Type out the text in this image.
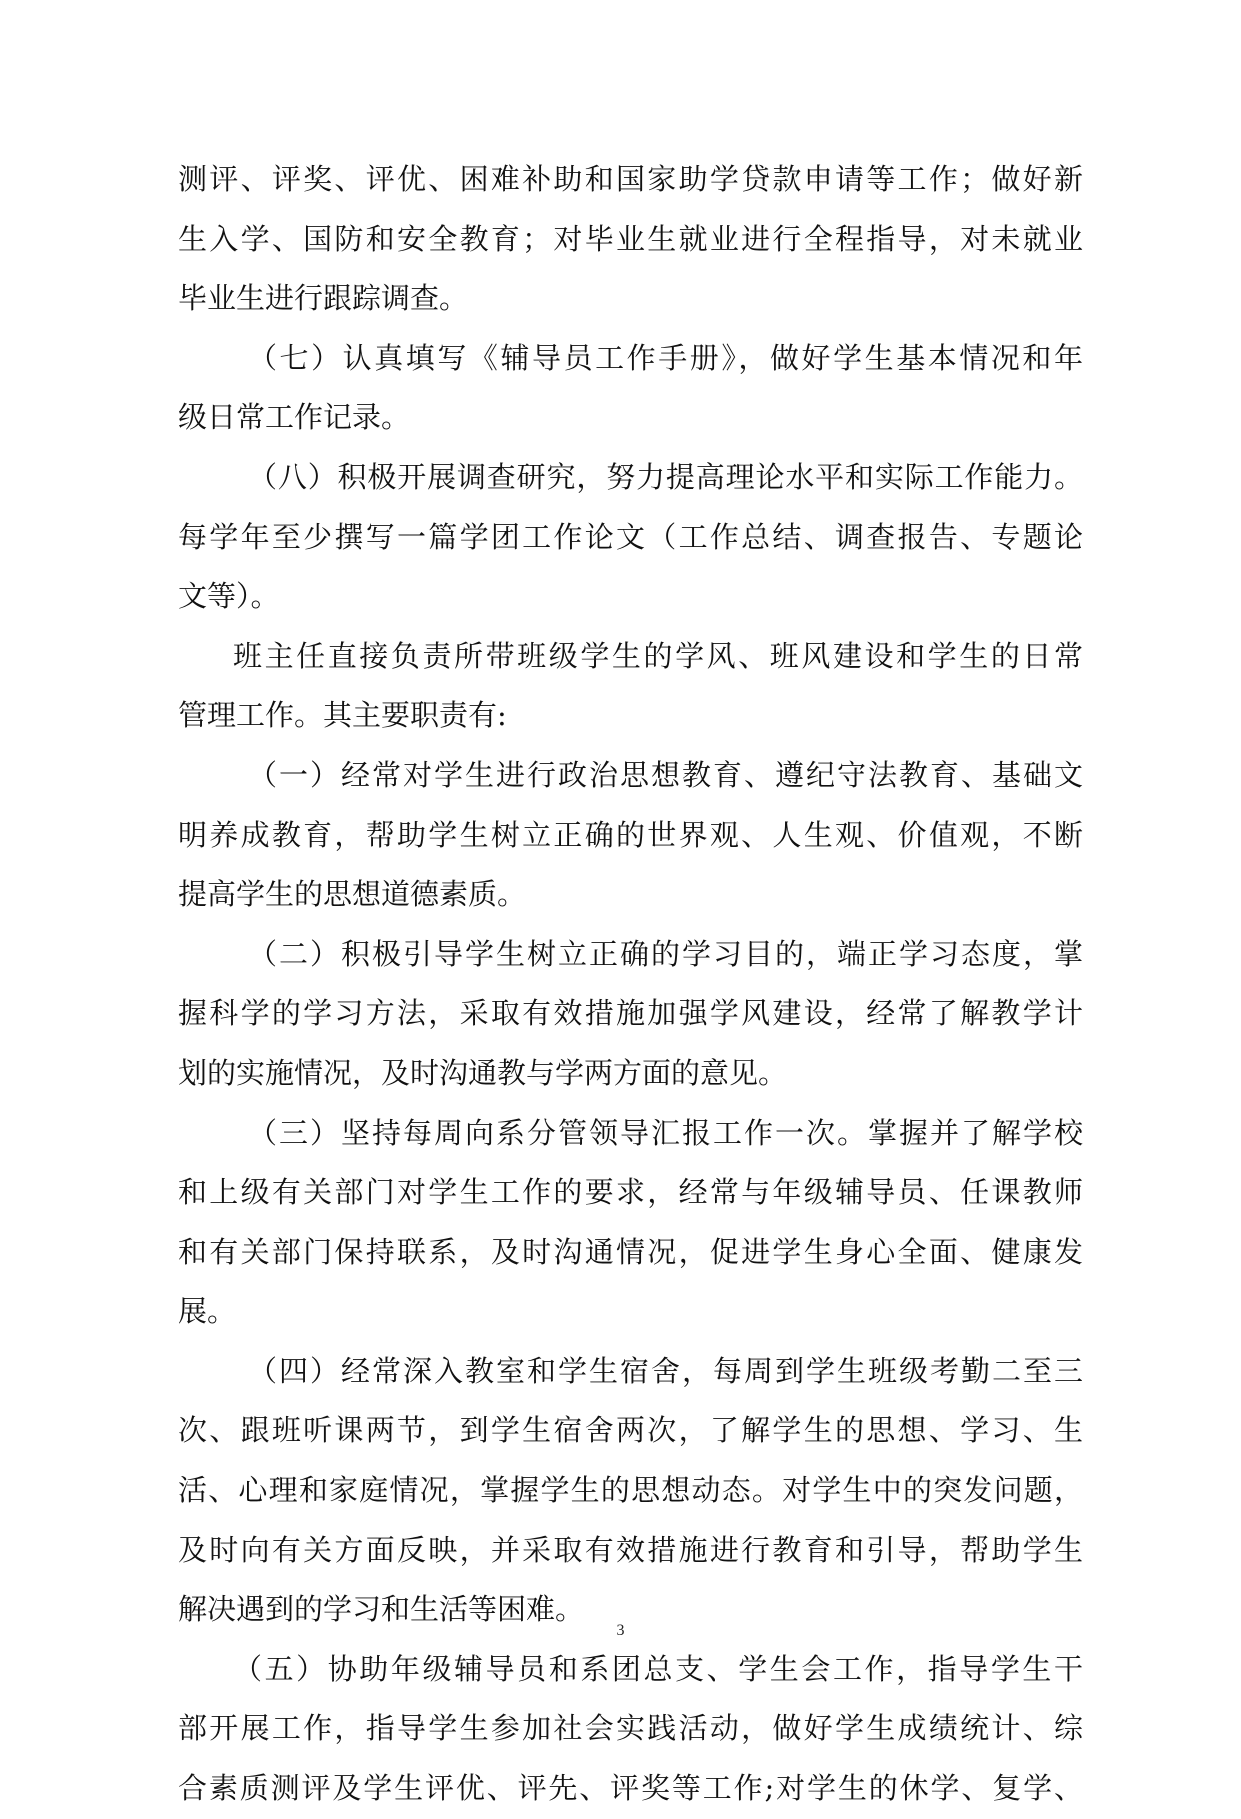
测评、评奖、评优、困难补助和国家助学贷款申请等工作；做好新
生入学、国防和安全教育；对毕业生就业进行全程指导，对未就业
毕业生进行跟踪调查。
（七）认真填写《辅导员工作手册》，做好学生基本情况和年
级日常工作记录。
（八）积极开展调查研究，努力提高理论水平和实际工作能力。
每学年至少撰写一篇学团工作论文（工作总结、调查报告、专题论
文等）。
班主任直接负责所带班级学生的学风、班风建设和学生的日常
管理工作。其主要职责有:
（一）经常对学生进行政治思想教育、遵纪守法教育、基础文
明养成教育，帮助学生树立正确的世界观、人生观、价值观，不断
提高学生的思想道德素质。
（二）积极引导学生树立正确的学习目的，端正学习态度，掌
握科学的学习方法，采取有效措施加强学风建设，经常了解教学计
划的实施情况，及时沟通教与学两方面的意见。
（三）坚持每周向系分管领导汇报工作一次。掌握并了解学校
和上级有关部门对学生工作的要求，经常与年级辅导员、任课教师
和有关部门保持联系，及时沟通情况，促进学生身心全面、健康发
展。
（四）经常深入教室和学生宿舍，每周到学生班级考勤二至三
次、跟班听课两节，到学生宿舍两次，了解学生的思想、学习、生
活、心理和家庭情况，掌握学生的思想动态。对学生中的突发问题，
及时向有关方面反映，并采取有效措施进行教育和引导，帮助学生
解决遇到的学习和生活等困难。
（五）协助年级辅导员和系团总支、学生会工作，指导学生干
部开展工作，指导学生参加社会实践活动，做好学生成绩统计、综
合素质测评及学生评优、评先、评奖等工作;对学生的休学、复学、
3
